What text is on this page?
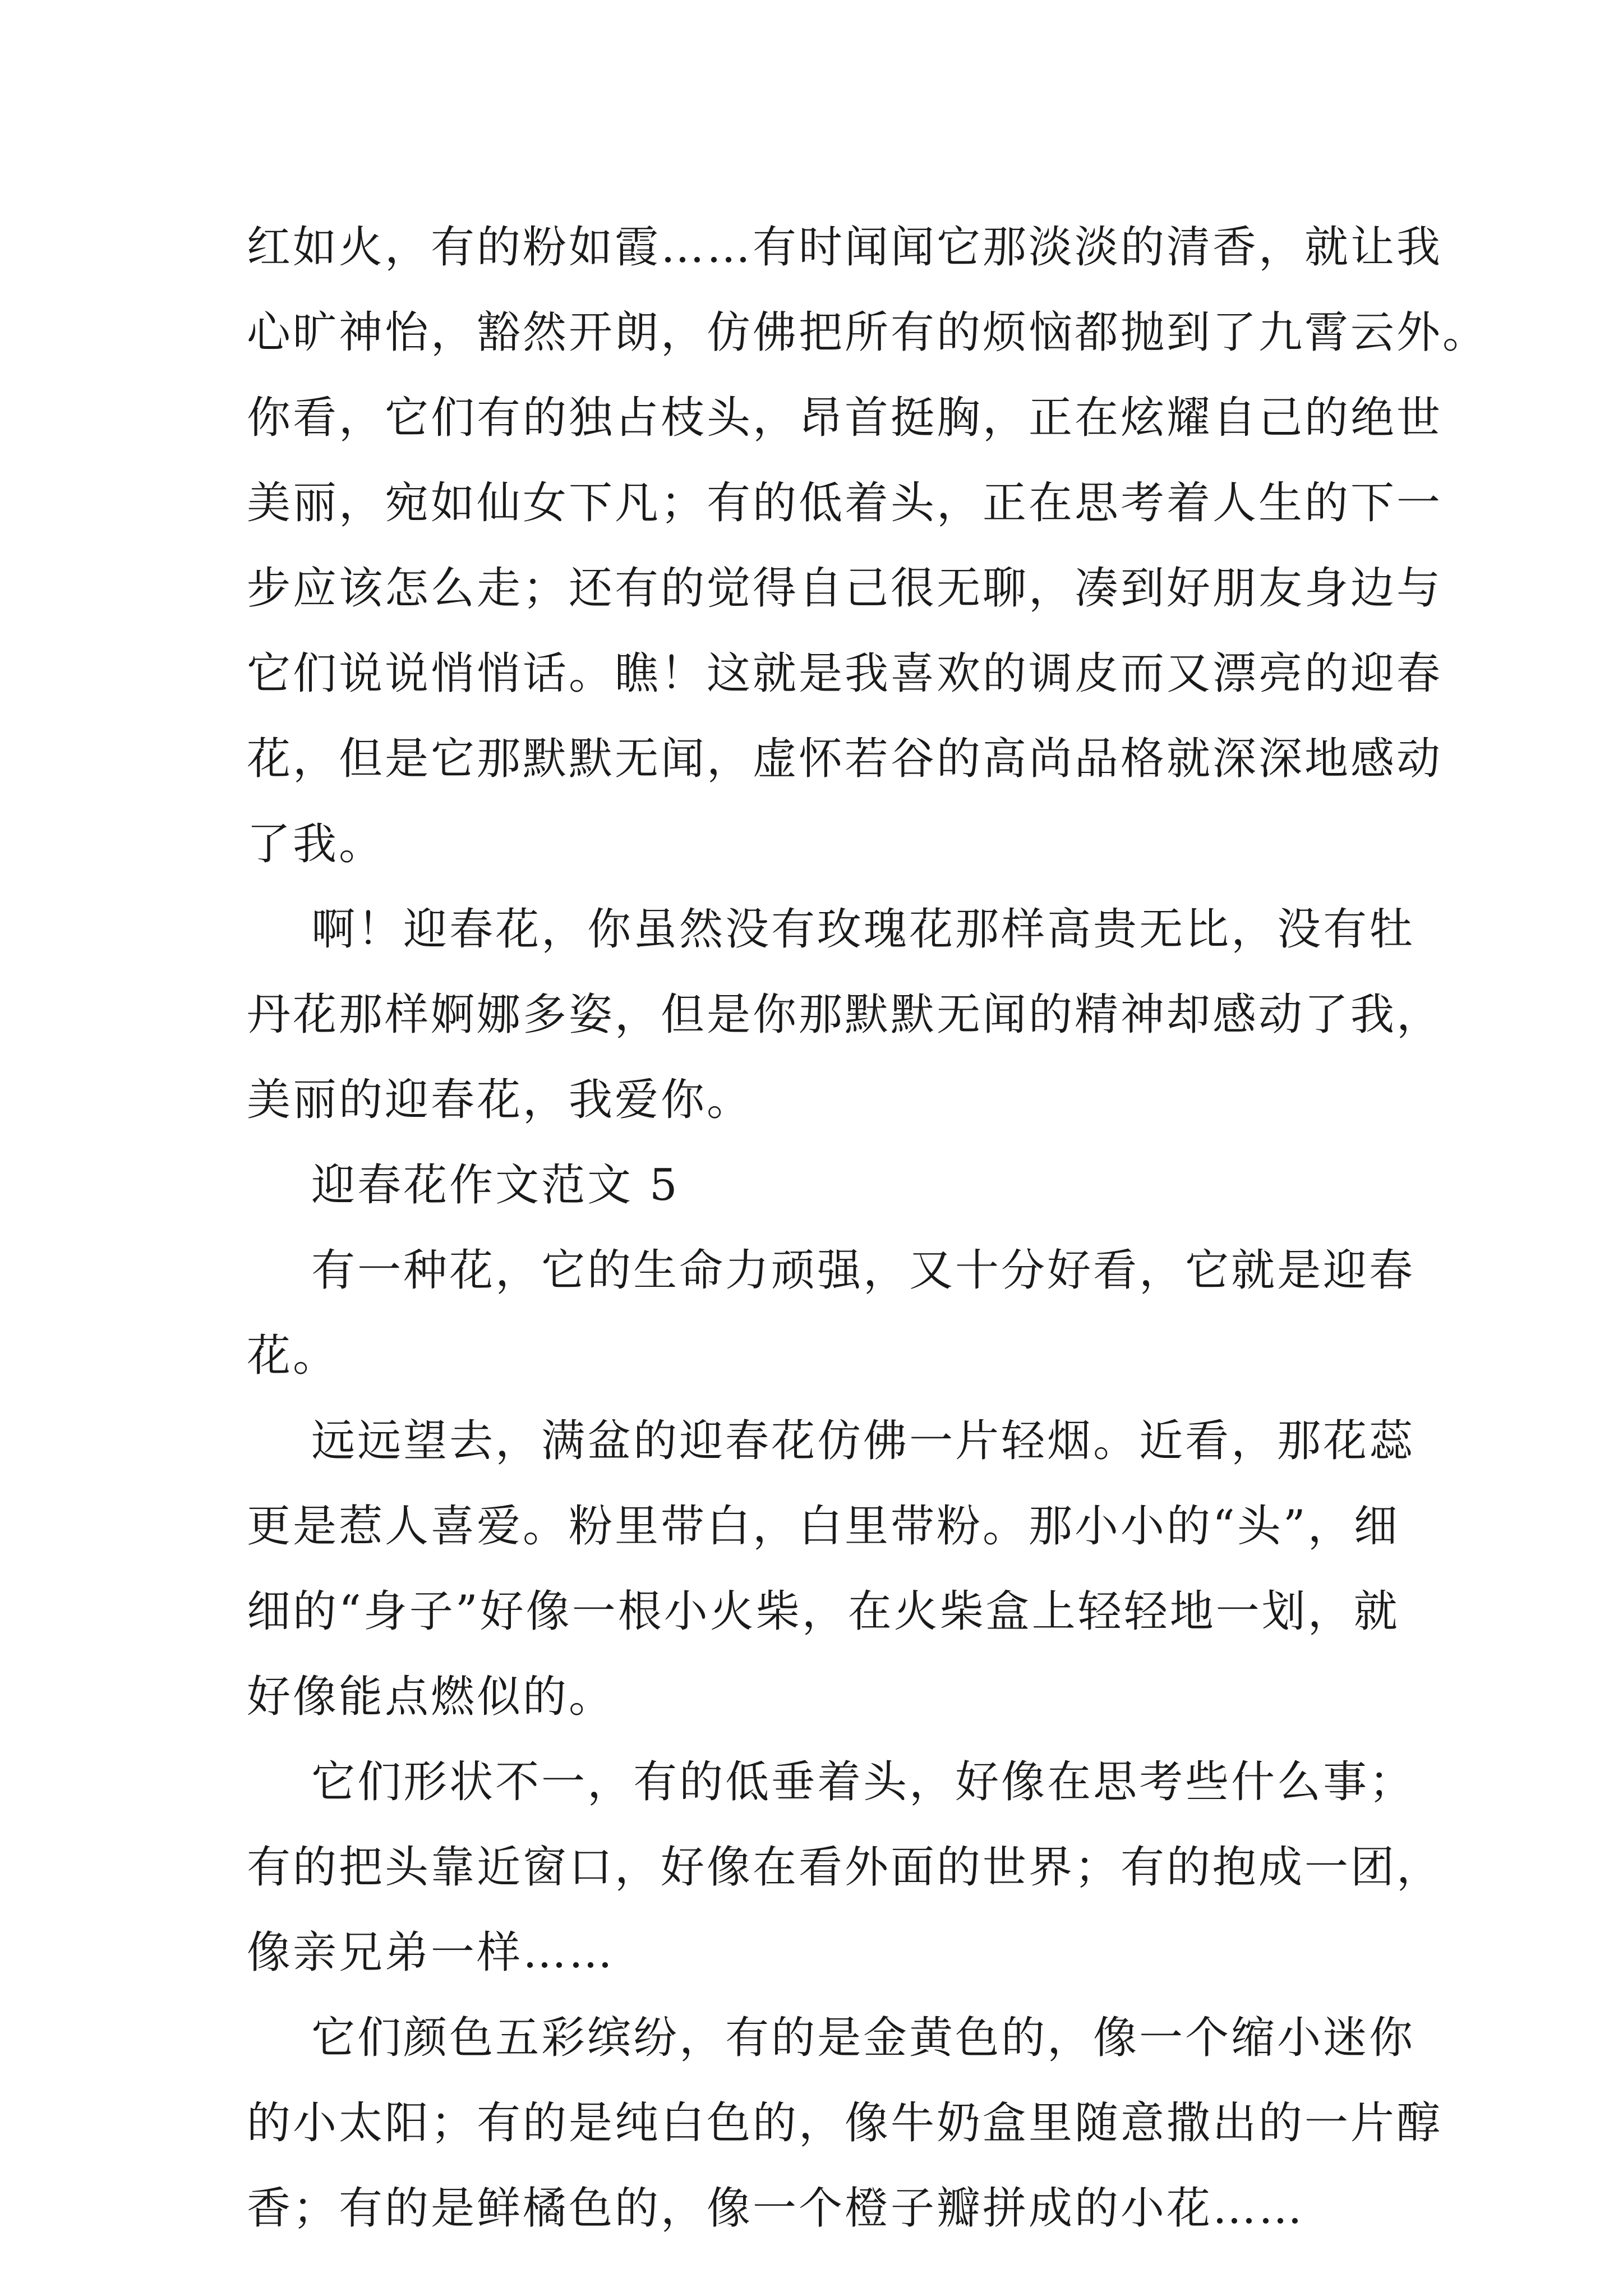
红如火，有的粉如霞……有时闻闻它那淡淡的清香，就让我
心旷神怡，豁然开朗，仿佛把所有的烦恼都抛到了九霄云外。
你看，它们有的独占枝头，昂首挺胸，正在炫耀自己的绝世
美丽，宛如仙女下凡；有的低着头，正在思考着人生的下一
步应该怎么走；还有的觉得自己很无聊，凑到好朋友身边与
它们说说悄悄话。瞧！这就是我喜欢的调皮而又漂亮的迎春
花，但是它那默默无闻，虚怀若谷的高尚品格就深深地感动
了我。
啊！迎春花，你虽然没有玫瑰花那样高贵无比，没有牡
丹花那样婀娜多姿，但是你那默默无闻的精神却感动了我，
美丽的迎春花，我爱你。
迎春花作文范文 5
有一种花，它的生命力顽强，又十分好看，它就是迎春
花。
远远望去，满盆的迎春花仿佛一片轻烟。近看，那花蕊
更是惹人喜爱。粉里带白，白里带粉。那小小的“头”，细
细的“身子”好像一根小火柴，在火柴盒上轻轻地一划，就
好像能点燃似的。
它们形状不一，有的低垂着头，好像在思考些什么事；
有的把头靠近窗口，好像在看外面的世界；有的抱成一团，
像亲兄弟一样……
它们颜色五彩缤纷，有的是金黄色的，像一个缩小迷你
的小太阳；有的是纯白色的，像牛奶盒里随意撒出的一片醇
香；有的是鲜橘色的，像一个橙子瓣拼成的小花……
